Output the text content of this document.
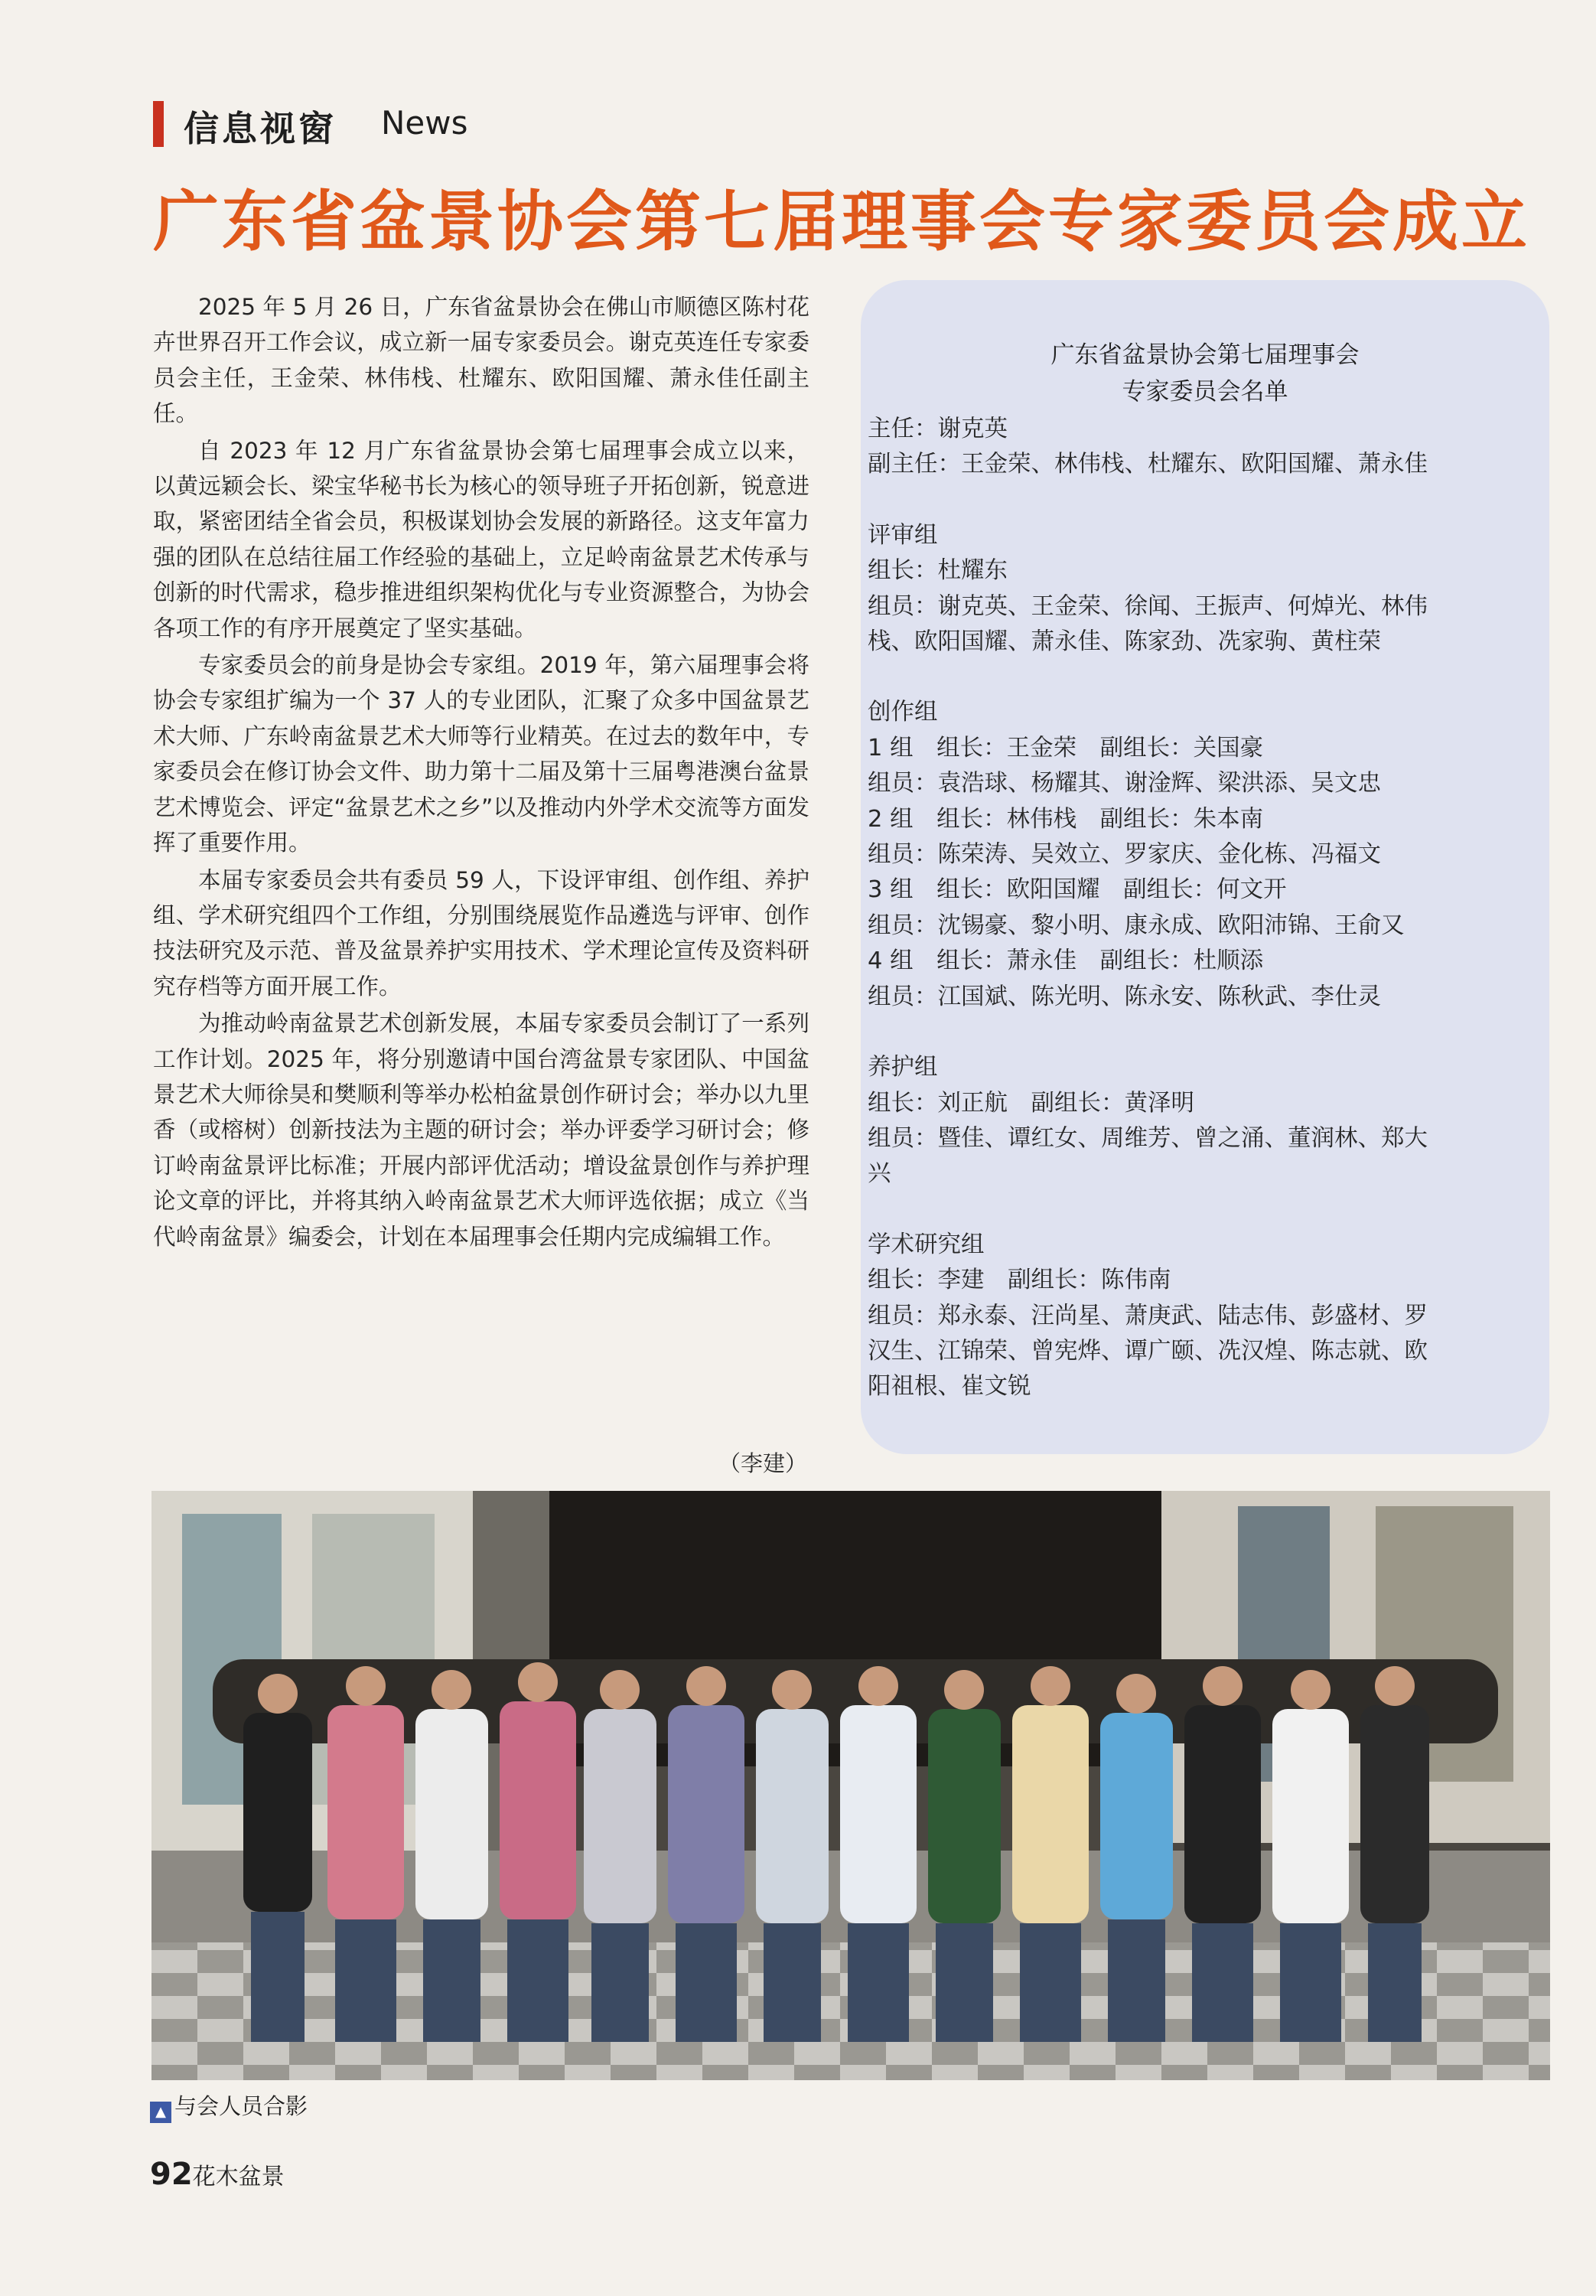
信息视窗 News
广东省盆景协会第七届理事会专家委员会成立

2025 年 5 月 26 日，广东省盆景协会在佛山市顺德区陈村花卉世界召开工作会议，成立新一届专家委员会。谢克英连任专家委员会主任，王金荣、林伟栈、杜耀东、欧阳国耀、萧永佳任副主任。

自 2023 年 12 月广东省盆景协会第七届理事会成立以来，以黄远颖会长、梁宝华秘书长为核心的领导班子开拓创新，锐意进取，紧密团结全省会员，积极谋划协会发展的新路径。这支年富力强的团队在总结往届工作经验的基础上，立足岭南盆景艺术传承与创新的时代需求，稳步推进组织架构优化与专业资源整合，为协会各项工作的有序开展奠定了坚实基础。

专家委员会的前身是协会专家组。2019 年，第六届理事会将协会专家组扩编为一个 37 人的专业团队，汇聚了众多中国盆景艺术大师、广东岭南盆景艺术大师等行业精英。在过去的数年中，专家委员会在修订协会文件、助力第十二届及第十三届粤港澳台盆景艺术博览会、评定“盆景艺术之乡”以及推动内外学术交流等方面发挥了重要作用。

本届专家委员会共有委员 59 人，下设评审组、创作组、养护组、学术研究组四个工作组，分别围绕展览作品遴选与评审、创作技法研究及示范、普及盆景养护实用技术、学术理论宣传及资料研究存档等方面开展工作。

为推动岭南盆景艺术创新发展，本届专家委员会制订了一系列工作计划。2025 年，将分别邀请中国台湾盆景专家团队、中国盆景艺术大师徐昊和樊顺利等举办松柏盆景创作研讨会；举办以九里香（或榕树）创新技法为主题的研讨会；举办评委学习研讨会；修订岭南盆景评比标准；开展内部评优活动；增设盆景创作与养护理论文章的评比，并将其纳入岭南盆景艺术大师评选依据；成立《当代岭南盆景》编委会，计划在本届理事会任期内完成编辑工作。

（李建）
广东省盆景协会第七届理事会
专家委员会名单
主任：谢克英
副主任：王金荣、林伟栈、杜耀东、欧阳国耀、萧永佳
评审组
组长：杜耀东
组员：谢克英、王金荣、徐闻、王振声、何焯光、林伟
栈、欧阳国耀、萧永佳、陈家劲、冼家驹、黄柱荣
创作组
1 组　组长：王金荣　副组长：关国豪
组员：袁浩球、杨耀其、谢淦辉、梁洪添、吴文忠
2 组　组长：林伟栈　副组长：朱本南
组员：陈荣涛、吴效立、罗家庆、金化栋、冯福文
3 组　组长：欧阳国耀　副组长：何文开
组员：沈锡豪、黎小明、康永成、欧阳沛锦、王俞又
4 组　组长：萧永佳　副组长：杜顺添
组员：江国斌、陈光明、陈永安、陈秋武、李仕灵
养护组
组长：刘正航　副组长：黄泽明
组员：暨佳、谭红女、周维芳、曾之涌、董润林、郑大
兴
学术研究组
组长：李建　副组长：陈伟南
组员：郑永泰、汪尚星、萧庚武、陆志伟、彭盛材、罗
汉生、江锦荣、曾宪烨、谭广颐、冼汉煌、陈志就、欧
阳祖根、崔文锐
▲ 与会人员合影
92花木盆景
